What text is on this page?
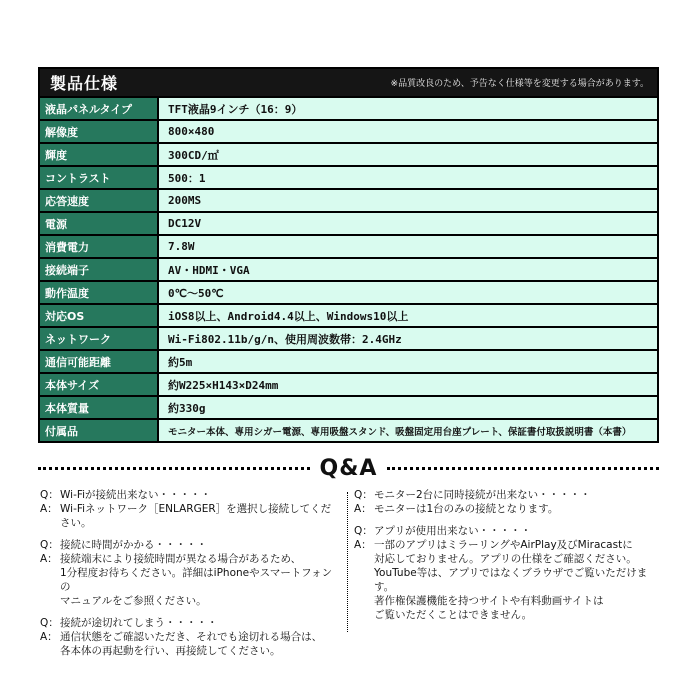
製品仕様	※品質改良のため、予告なく仕様等を変更する場合があります。
液晶パネルタイプ	TFT液晶9インチ（16：9）
解像度	800×480
輝度	300CD/㎡
コントラスト	500：1
応答速度	200MS
電源	DC12V
消費電力	7.8W
接続端子	AV・HDMI・VGA
動作温度	0℃～50℃
対応OS	iOS8以上、Android4.4以上、Windows10以上
ネットワーク	Wi-Fi802.11b/g/n、使用周波数帯：2.4GHz
通信可能距離	約5m
本体サイズ	約W225×H143×D24mm
本体質量	約330g
付属品	モニター本体、専用シガー電源、専用吸盤スタンド、吸盤固定用台座プレート、保証書付取扱説明書（本書）
Q&A
Q： Wi-Fiが接続出来ない・・・・・
A： Wi-Fiネットワーク［ENLARGER］を選択し接続してください。
Q： 接続に時間がかかる・・・・・
A： 接続端末により接続時間が異なる場合があるため、
1分程度お待ちください。詳細はiPhoneやスマートフォンの
マニュアルをご参照ください。
Q： 接続が途切れてしまう・・・・・
A： 通信状態をご確認いただき、それでも途切れる場合は、
各本体の再起動を行い、再接続してください。
Q： モニター2台に同時接続が出来ない・・・・・
A： モニターは1台のみの接続となります。
Q： アプリが使用出来ない・・・・・
A： 一部のアプリはミラーリングやAirPlay及びMiracastに
対応しておりません。アプリの仕様をご確認ください。
YouTube等は、アプリではなくブラウザでご覧いただけます。
著作権保護機能を持つサイトや有料動画サイトは
ご覧いただくことはできません。
